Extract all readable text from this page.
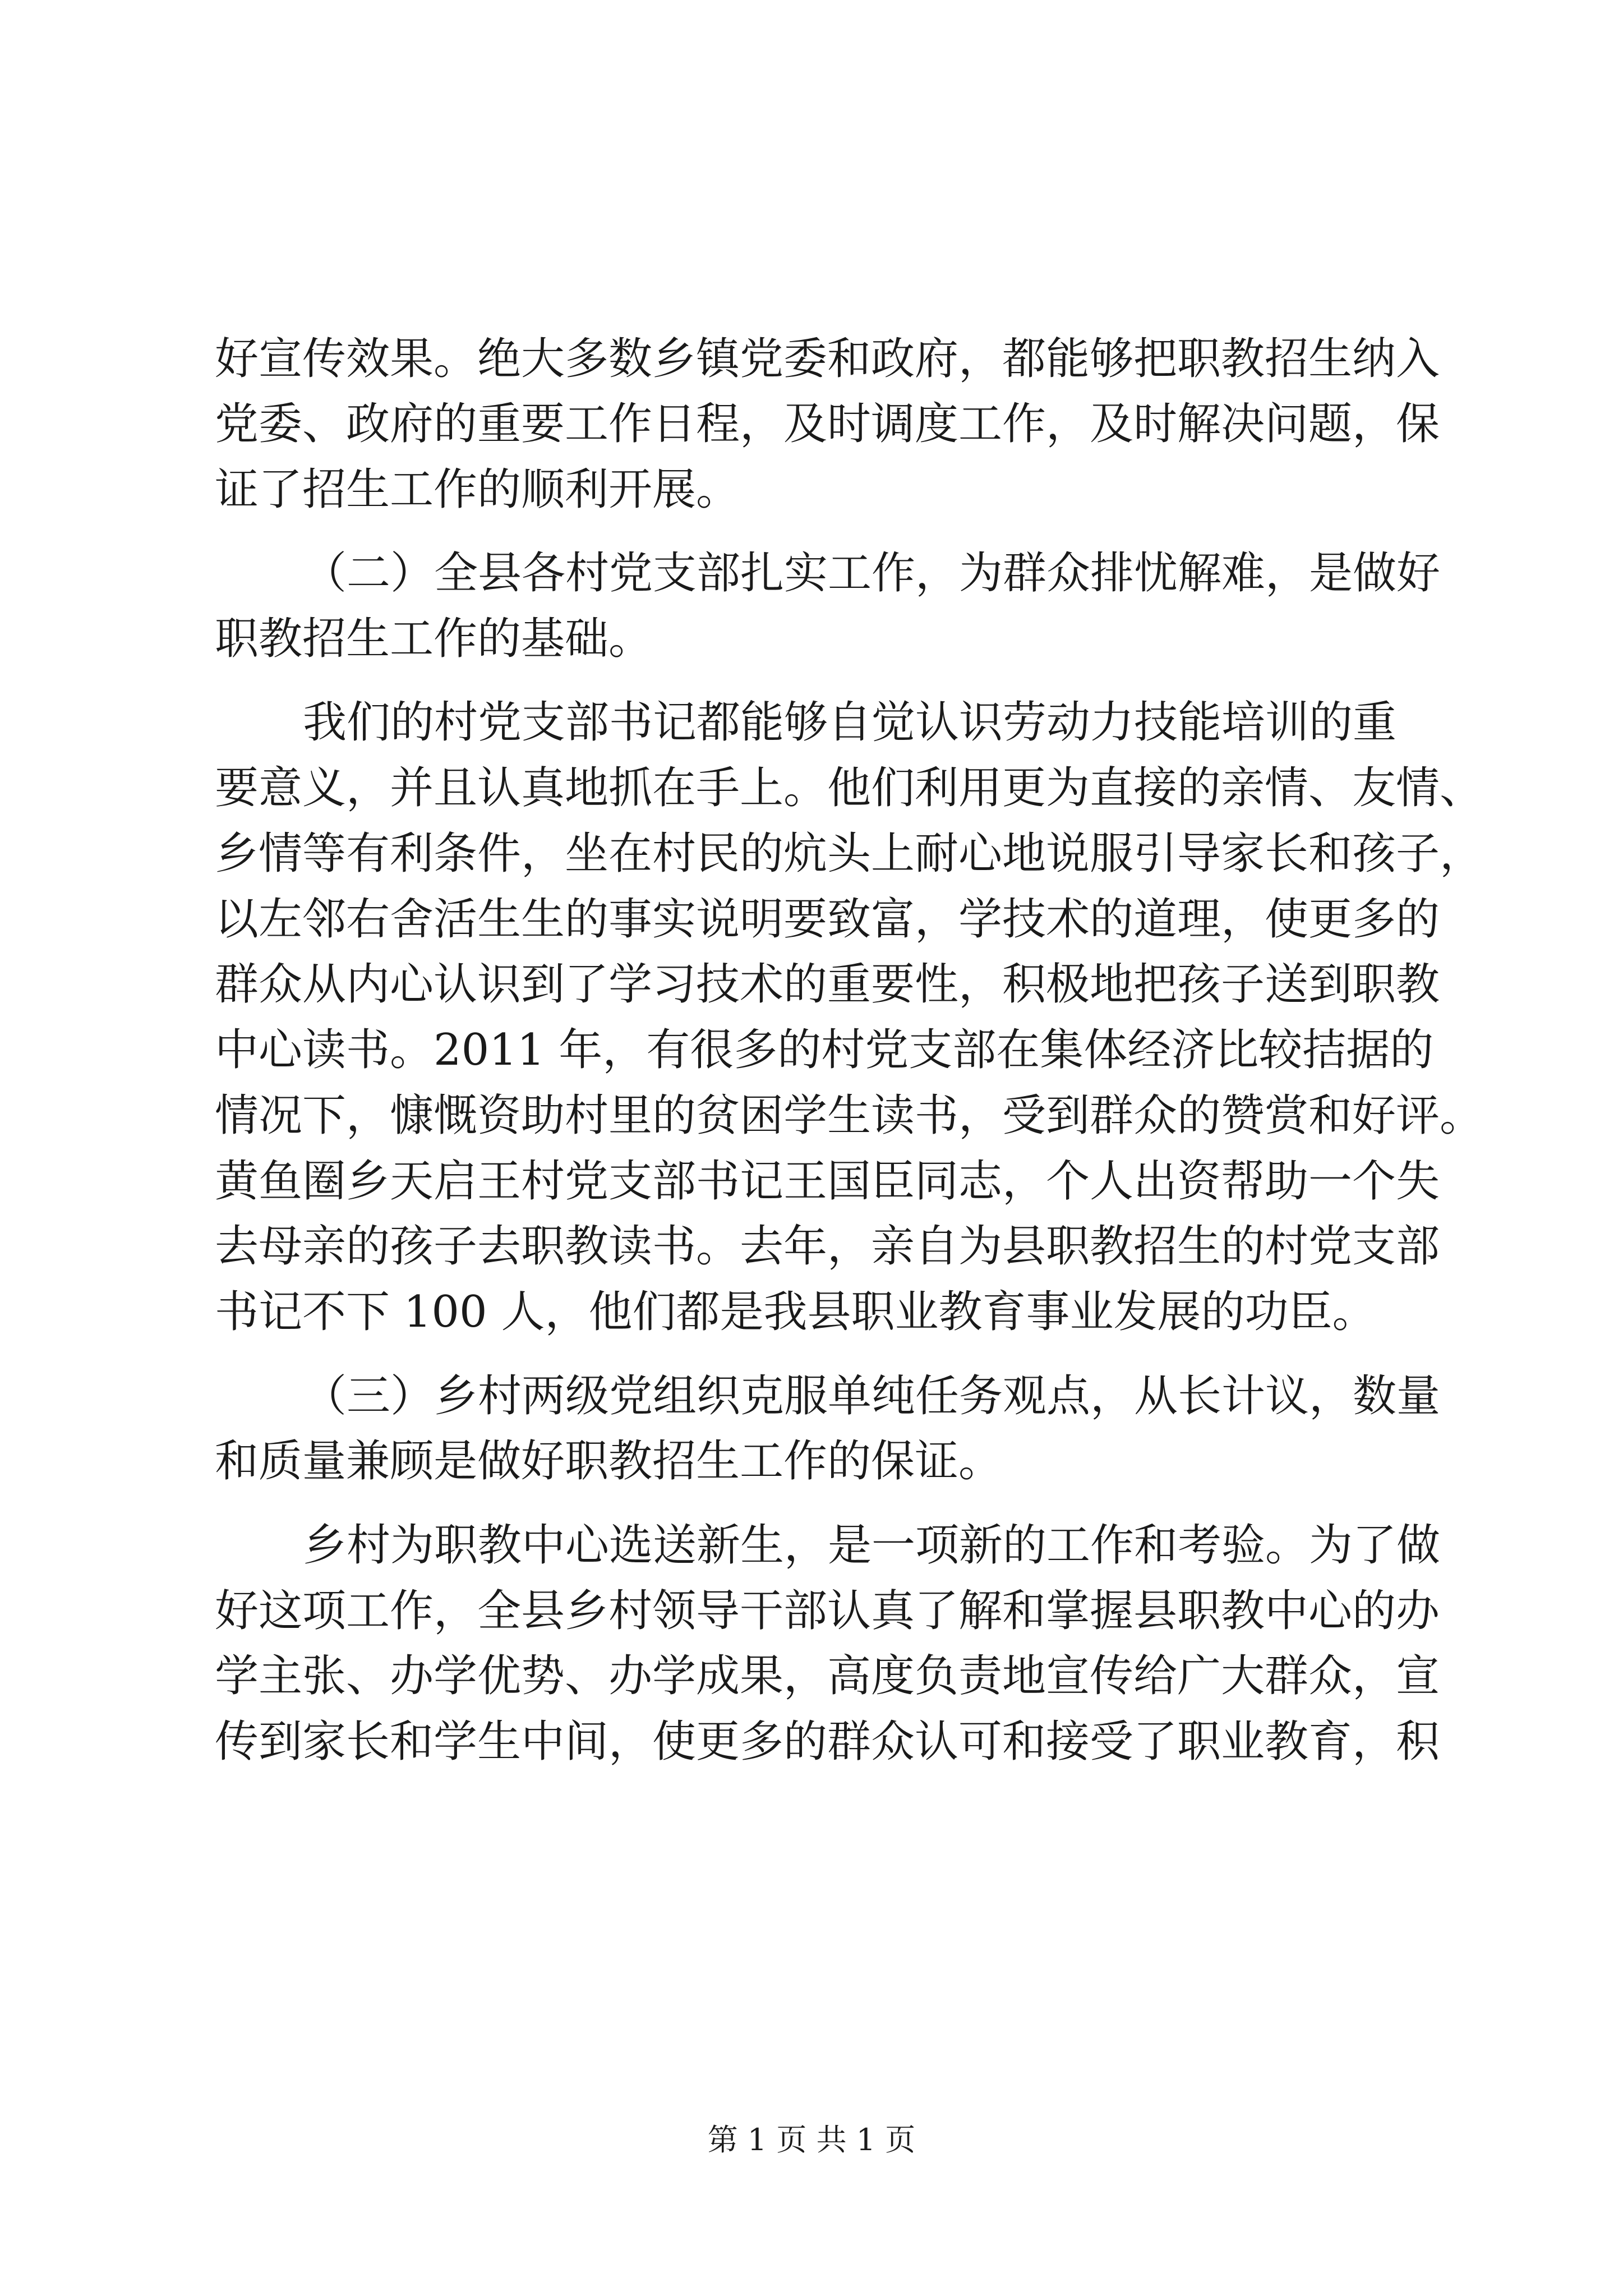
好宣传效果。绝大多数乡镇党委和政府，都能够把职教招生纳入
党委、政府的重要工作日程，及时调度工作，及时解决问题，保
证了招生工作的顺利开展。
（二）全县各村党支部扎实工作，为群众排忧解难，是做好
职教招生工作的基础。
我们的村党支部书记都能够自觉认识劳动力技能培训的重
要意义，并且认真地抓在手上。他们利用更为直接的亲情、友情、
乡情等有利条件，坐在村民的炕头上耐心地说服引导家长和孩子，
以左邻右舍活生生的事实说明要致富，学技术的道理，使更多的
群众从内心认识到了学习技术的重要性，积极地把孩子送到职教
中心读书。2011 年，有很多的村党支部在集体经济比较拮据的
情况下，慷慨资助村里的贫困学生读书，受到群众的赞赏和好评。
黄鱼圈乡天启王村党支部书记王国臣同志，个人出资帮助一个失
去母亲的孩子去职教读书。去年，亲自为县职教招生的村党支部
书记不下 100 人，他们都是我县职业教育事业发展的功臣。
（三）乡村两级党组织克服单纯任务观点，从长计议，数量
和质量兼顾是做好职教招生工作的保证。
乡村为职教中心选送新生，是一项新的工作和考验。为了做
好这项工作，全县乡村领导干部认真了解和掌握县职教中心的办
学主张、办学优势、办学成果，高度负责地宣传给广大群众，宣
传到家长和学生中间，使更多的群众认可和接受了职业教育，积
第 1 页 共 1 页
